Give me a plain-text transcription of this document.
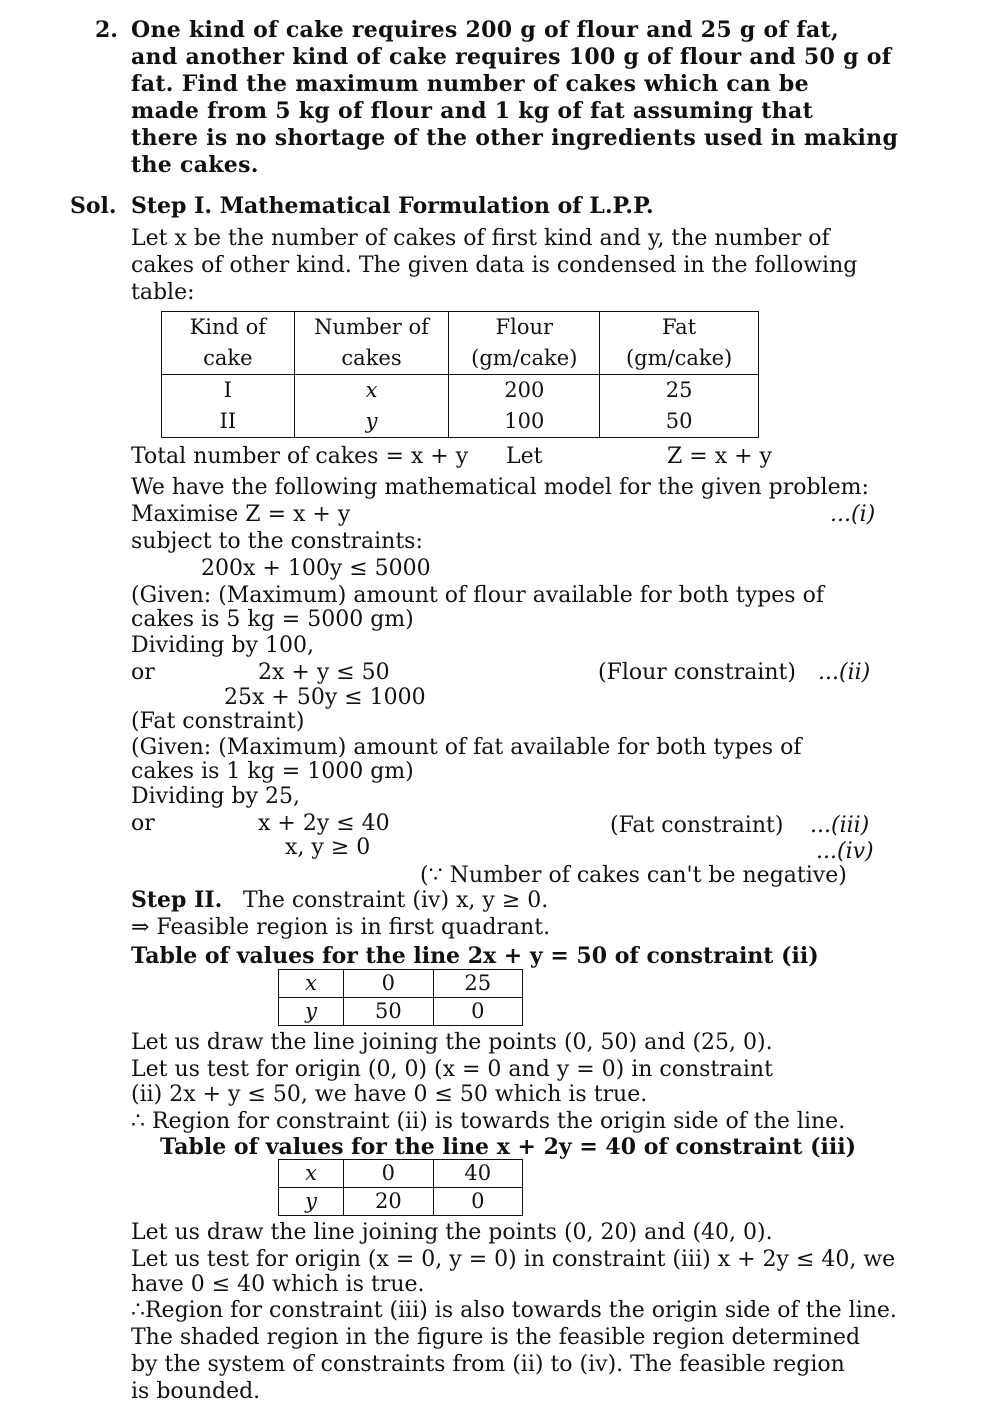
2. One kind of cake requires 200 g of flour and 25 g of fat,
and another kind of cake requires 100 g of flour and 50 g of
fat. Find the maximum number of cakes which can be
made from 5 kg of flour and 1 kg of fat assuming that
there is no shortage of the other ingredients used in making
the cakes.
Sol. Step I. Mathematical Formulation of L.P.P.
Let x be the number of cakes of first kind and y, the number of
cakes of other kind. The given data is condensed in the following
table:
Kind of	Number of	Flour	Fat
cake	cakes	(gm/cake)	(gm/cake)
I	x	200	25
II	y	100	50
Total number of cakes = x + y Let	Z = x + y
We have the following mathematical model for the given problem:
Maximise Z = x + y	...(i)
subject to the constraints:
200x + 100y ≤ 5000
(Given: (Maximum) amount of flour available for both types of
cakes is 5 kg = 5000 gm)
Dividing by 100,
or	2x + y ≤ 50	(Flour constraint) ...(ii)
25x + 50y ≤ 1000
(Fat constraint)
(Given: (Maximum) amount of fat available for both types of
cakes is 1 kg = 1000 gm)
Dividing by 25,
or	x + 2y ≤ 40	(Fat constraint) ...(iii)
x, y ≥ 0	...(iv)
(∵ Number of cakes can't be negative)
Step II. The constraint (iv) x, y ≥ 0.
⇒ Feasible region is in first quadrant.
Table of values for the line 2x + y = 50 of constraint (ii)
x	0	25
y	50	0
Let us draw the line joining the points (0, 50) and (25, 0).
Let us test for origin (0, 0) (x = 0 and y = 0) in constraint
(ii) 2x + y ≤ 50, we have 0 ≤ 50 which is true.
∴ Region for constraint (ii) is towards the origin side of the line.
Table of values for the line x + 2y = 40 of constraint (iii)
x	0	40
y	20	0
Let us draw the line joining the points (0, 20) and (40, 0).
Let us test for origin (x = 0, y = 0) in constraint (iii) x + 2y ≤ 40, we
have 0 ≤ 40 which is true.
∴Region for constraint (iii) is also towards the origin side of the line.
The shaded region in the figure is the feasible region determined
by the system of constraints from (ii) to (iv). The feasible region
is bounded.
